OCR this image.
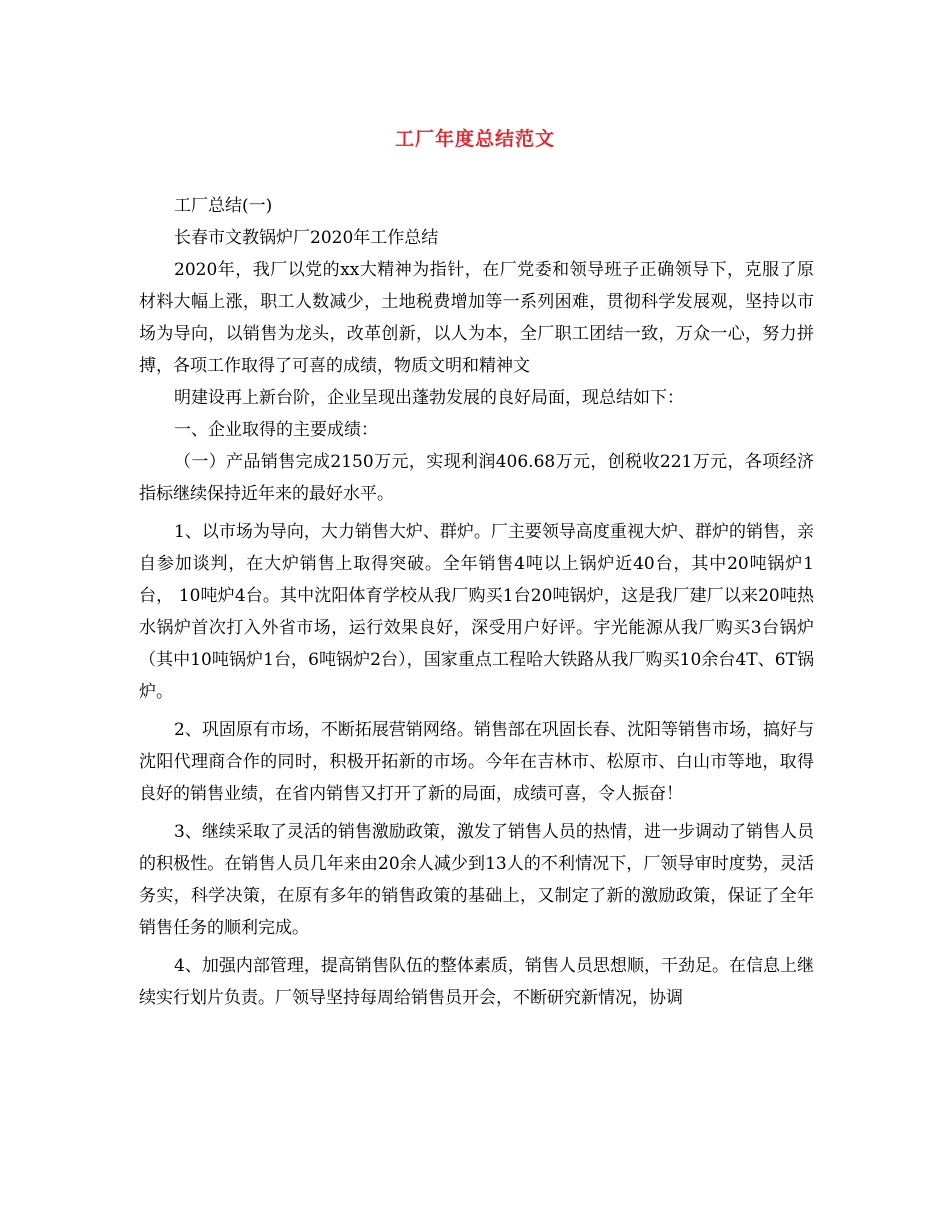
工厂年度总结范文

工厂总结(一)

长春市文教锅炉厂2020年工作总结

2020年，我厂以党的xx大精神为指针，在厂党委和领导班子正确领导下，克服了原材料大幅上涨，职工人数减少，土地税费增加等一系列困难，贯彻科学发展观，坚持以市场为导向，以销售为龙头，改革创新，以人为本，全厂职工团结一致，万众一心，努力拼搏，各项工作取得了可喜的成绩，物质文明和精神文

明建设再上新台阶，企业呈现出蓬勃发展的良好局面，现总结如下：

一、企业取得的主要成绩：

（一）产品销售完成2150万元，实现利润406.68万元，创税收221万元，各项经济指标继续保持近年来的最好水平。

1、以市场为导向，大力销售大炉、群炉。厂主要领导高度重视大炉、群炉的销售，亲自参加谈判，在大炉销售上取得突破。全年销售4吨以上锅炉近40台，其中20吨锅炉1台， 10吨炉4台。其中沈阳体育学校从我厂购买1台20吨锅炉，这是我厂建厂以来20吨热水锅炉首次打入外省市场，运行效果良好，深受用户好评。宇光能源从我厂购买3台锅炉（其中10吨锅炉1台，6吨锅炉2台），国家重点工程哈大铁路从我厂购买10余台4T、6T锅炉。

2、巩固原有市场，不断拓展营销网络。销售部在巩固长春、沈阳等销售市场，搞好与沈阳代理商合作的同时，积极开拓新的市场。今年在吉林市、松原市、白山市等地，取得良好的销售业绩，在省内销售又打开了新的局面，成绩可喜，令人振奋！

3、继续采取了灵活的销售激励政策，激发了销售人员的热情，进一步调动了销售人员的积极性。在销售人员几年来由20余人减少到13人的不利情况下，厂领导审时度势，灵活务实，科学决策，在原有多年的销售政策的基础上，又制定了新的激励政策，保证了全年销售任务的顺利完成。

4、加强内部管理，提高销售队伍的整体素质，销售人员思想顺，干劲足。在信息上继续实行划片负责。厂领导坚持每周给销售员开会，不断研究新情况，协调
